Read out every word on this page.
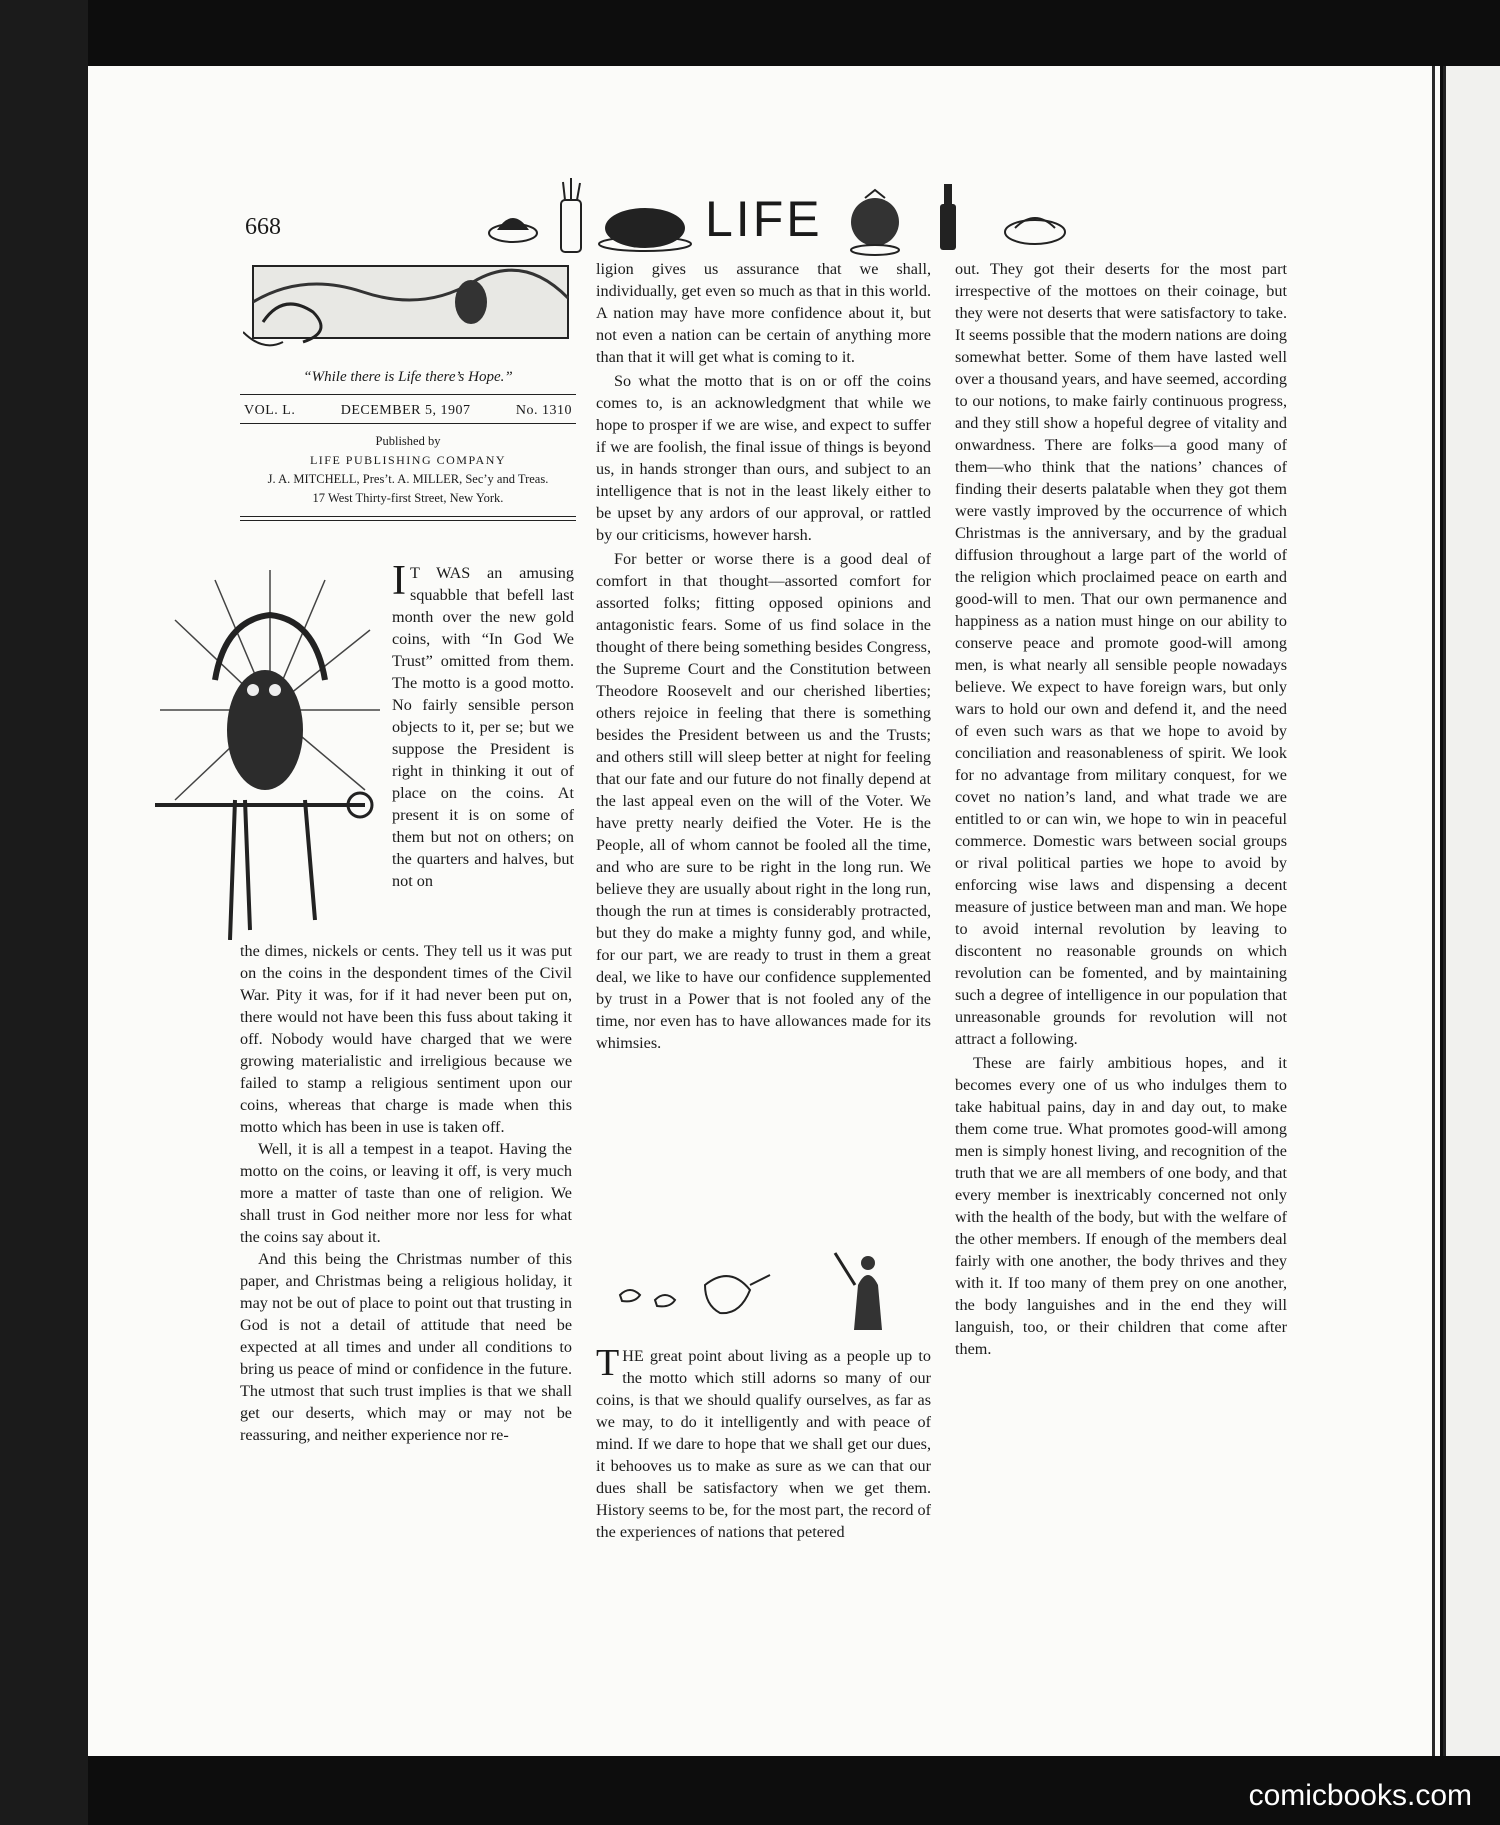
668	LIFE
“While there is Life there’s Hope.”
VOL. L.	DECEMBER 5, 1907	No. 1310
Published by
LIFE PUBLISHING COMPANY
J. A. MITCHELL, Pres’t. A. MILLER, Sec’y and Treas.
17 West Thirty-first Street, New York.
I T WAS an amusing squabble that befell last month over the new gold coins, with “In God We Trust” omitted from them. The motto is a good motto. No fairly sensible person objects to it, per se; but we suppose the President is right in thinking it out of place on the coins. At present it is on some of them but not on others; on the quarters and halves, but not on

the dimes, nickels or cents. They tell us it was put on the coins in the despondent times of the Civil War. Pity it was, for if it had never been put on, there would not have been this fuss about taking it off. Nobody would have charged that we were growing materialistic and irreligious because we failed to stamp a religious sentiment upon our coins, whereas that charge is made when this motto which has been in use is taken off.

Well, it is all a tempest in a teapot. Having the motto on the coins, or leaving it off, is very much more a matter of taste than one of religion. We shall trust in God neither more nor less for what the coins say about it.

And this being the Christmas number of this paper, and Christmas being a religious holiday, it may not be out of place to point out that trusting in God is not a detail of attitude that need be expected at all times and under all conditions to bring us peace of mind or confidence in the future. The utmost that such trust implies is that we shall get our deserts, which may or may not be reassuring, and neither experience nor re-

ligion gives us assurance that we shall, individually, get even so much as that in this world. A nation may have more confidence about it, but not even a nation can be certain of anything more than that it will get what is coming to it.

So what the motto that is on or off the coins comes to, is an acknowledgment that while we hope to prosper if we are wise, and expect to suffer if we are foolish, the final issue of things is beyond us, in hands stronger than ours, and subject to an intelligence that is not in the least likely either to be upset by any ardors of our approval, or rattled by our criticisms, however harsh.

For better or worse there is a good deal of comfort in that thought—assorted comfort for assorted folks; fitting opposed opinions and antagonistic fears. Some of us find solace in the thought of there being something besides Congress, the Supreme Court and the Constitution between Theodore Roosevelt and our cherished liberties; others rejoice in feeling that there is something besides the President between us and the Trusts; and others still will sleep better at night for feeling that our fate and our future do not finally depend at the last appeal even on the will of the Voter. We have pretty nearly deified the Voter. He is the People, all of whom cannot be fooled all the time, and who are sure to be right in the long run. We believe they are usually about right in the long run, though the run at times is considerably protracted, but they do make a mighty funny god, and while, for our part, we are ready to trust in them a great deal, we like to have our confidence supplemented by trust in a Power that is not fooled any of the time, nor even has to have allowances made for its whimsies.

THE great point about living as a people up to the motto which still adorns so many of our coins, is that we should qualify ourselves, as far as we may, to do it intelligently and with peace of mind. If we dare to hope that we shall get our dues, it behooves us to make as sure as we can that our dues shall be satisfactory when we get them. History seems to be, for the most part, the record of the experiences of nations that petered

out. They got their deserts for the most part irrespective of the mottoes on their coinage, but they were not deserts that were satisfactory to take. It seems possible that the modern nations are doing somewhat better. Some of them have lasted well over a thousand years, and have seemed, according to our notions, to make fairly continuous progress, and they still show a hopeful degree of vitality and onwardness. There are folks—a good many of them—who think that the nations’ chances of finding their deserts palatable when they got them were vastly improved by the occurrence of which Christmas is the anniversary, and by the gradual diffusion throughout a large part of the world of the religion which proclaimed peace on earth and good-will to men. That our own permanence and happiness as a nation must hinge on our ability to conserve peace and promote good-will among men, is what nearly all sensible people nowadays believe. We expect to have foreign wars, but only wars to hold our own and defend it, and the need of even such wars as that we hope to avoid by conciliation and reasonableness of spirit. We look for no advantage from military conquest, for we covet no nation’s land, and what trade we are entitled to or can win, we hope to win in peaceful commerce. Domestic wars between social groups or rival political parties we hope to avoid by enforcing wise laws and dispensing a decent measure of justice between man and man. We hope to avoid internal revolution by leaving to discontent no reasonable grounds on which revolution can be fomented, and by maintaining such a degree of intelligence in our population that unreasonable grounds for revolution will not attract a following.

These are fairly ambitious hopes, and it becomes every one of us who indulges them to take habitual pains, day in and day out, to make them come true. What promotes good-will among men is simply honest living, and recognition of the truth that we are all members of one body, and that every member is inextricably concerned not only with the health of the body, but with the welfare of the other members. If enough of the members deal fairly with one another, the body thrives and they with it. If too many of them prey on one another, the body languishes and in the end they will languish, too, or their children that come after them.

comicbooks.com
